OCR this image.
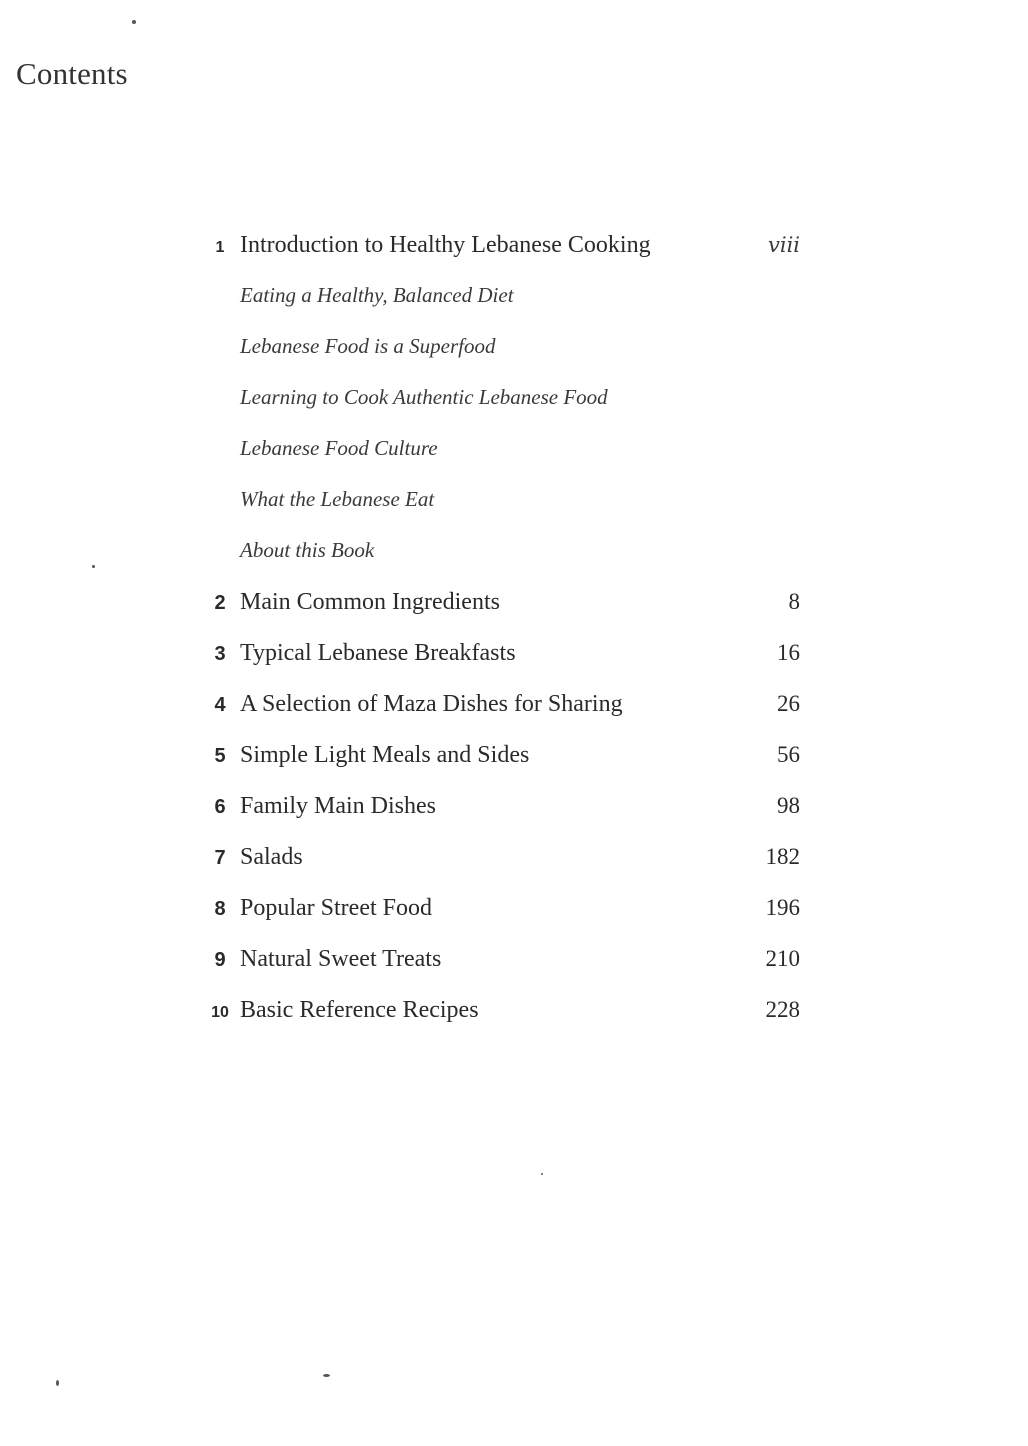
Contents
1 Introduction to Healthy Lebanese Cooking	viii
Eating a Healthy, Balanced Diet
Lebanese Food is a Superfood
Learning to Cook Authentic Lebanese Food
Lebanese Food Culture
What the Lebanese Eat
About this Book
2 Main Common Ingredients	8
3 Typical Lebanese Breakfasts	16
4 A Selection of Maza Dishes for Sharing	26
5 Simple Light Meals and Sides	56
6 Family Main Dishes	98
7 Salads	182
8 Popular Street Food	196
9 Natural Sweet Treats	210
10 Basic Reference Recipes	228
